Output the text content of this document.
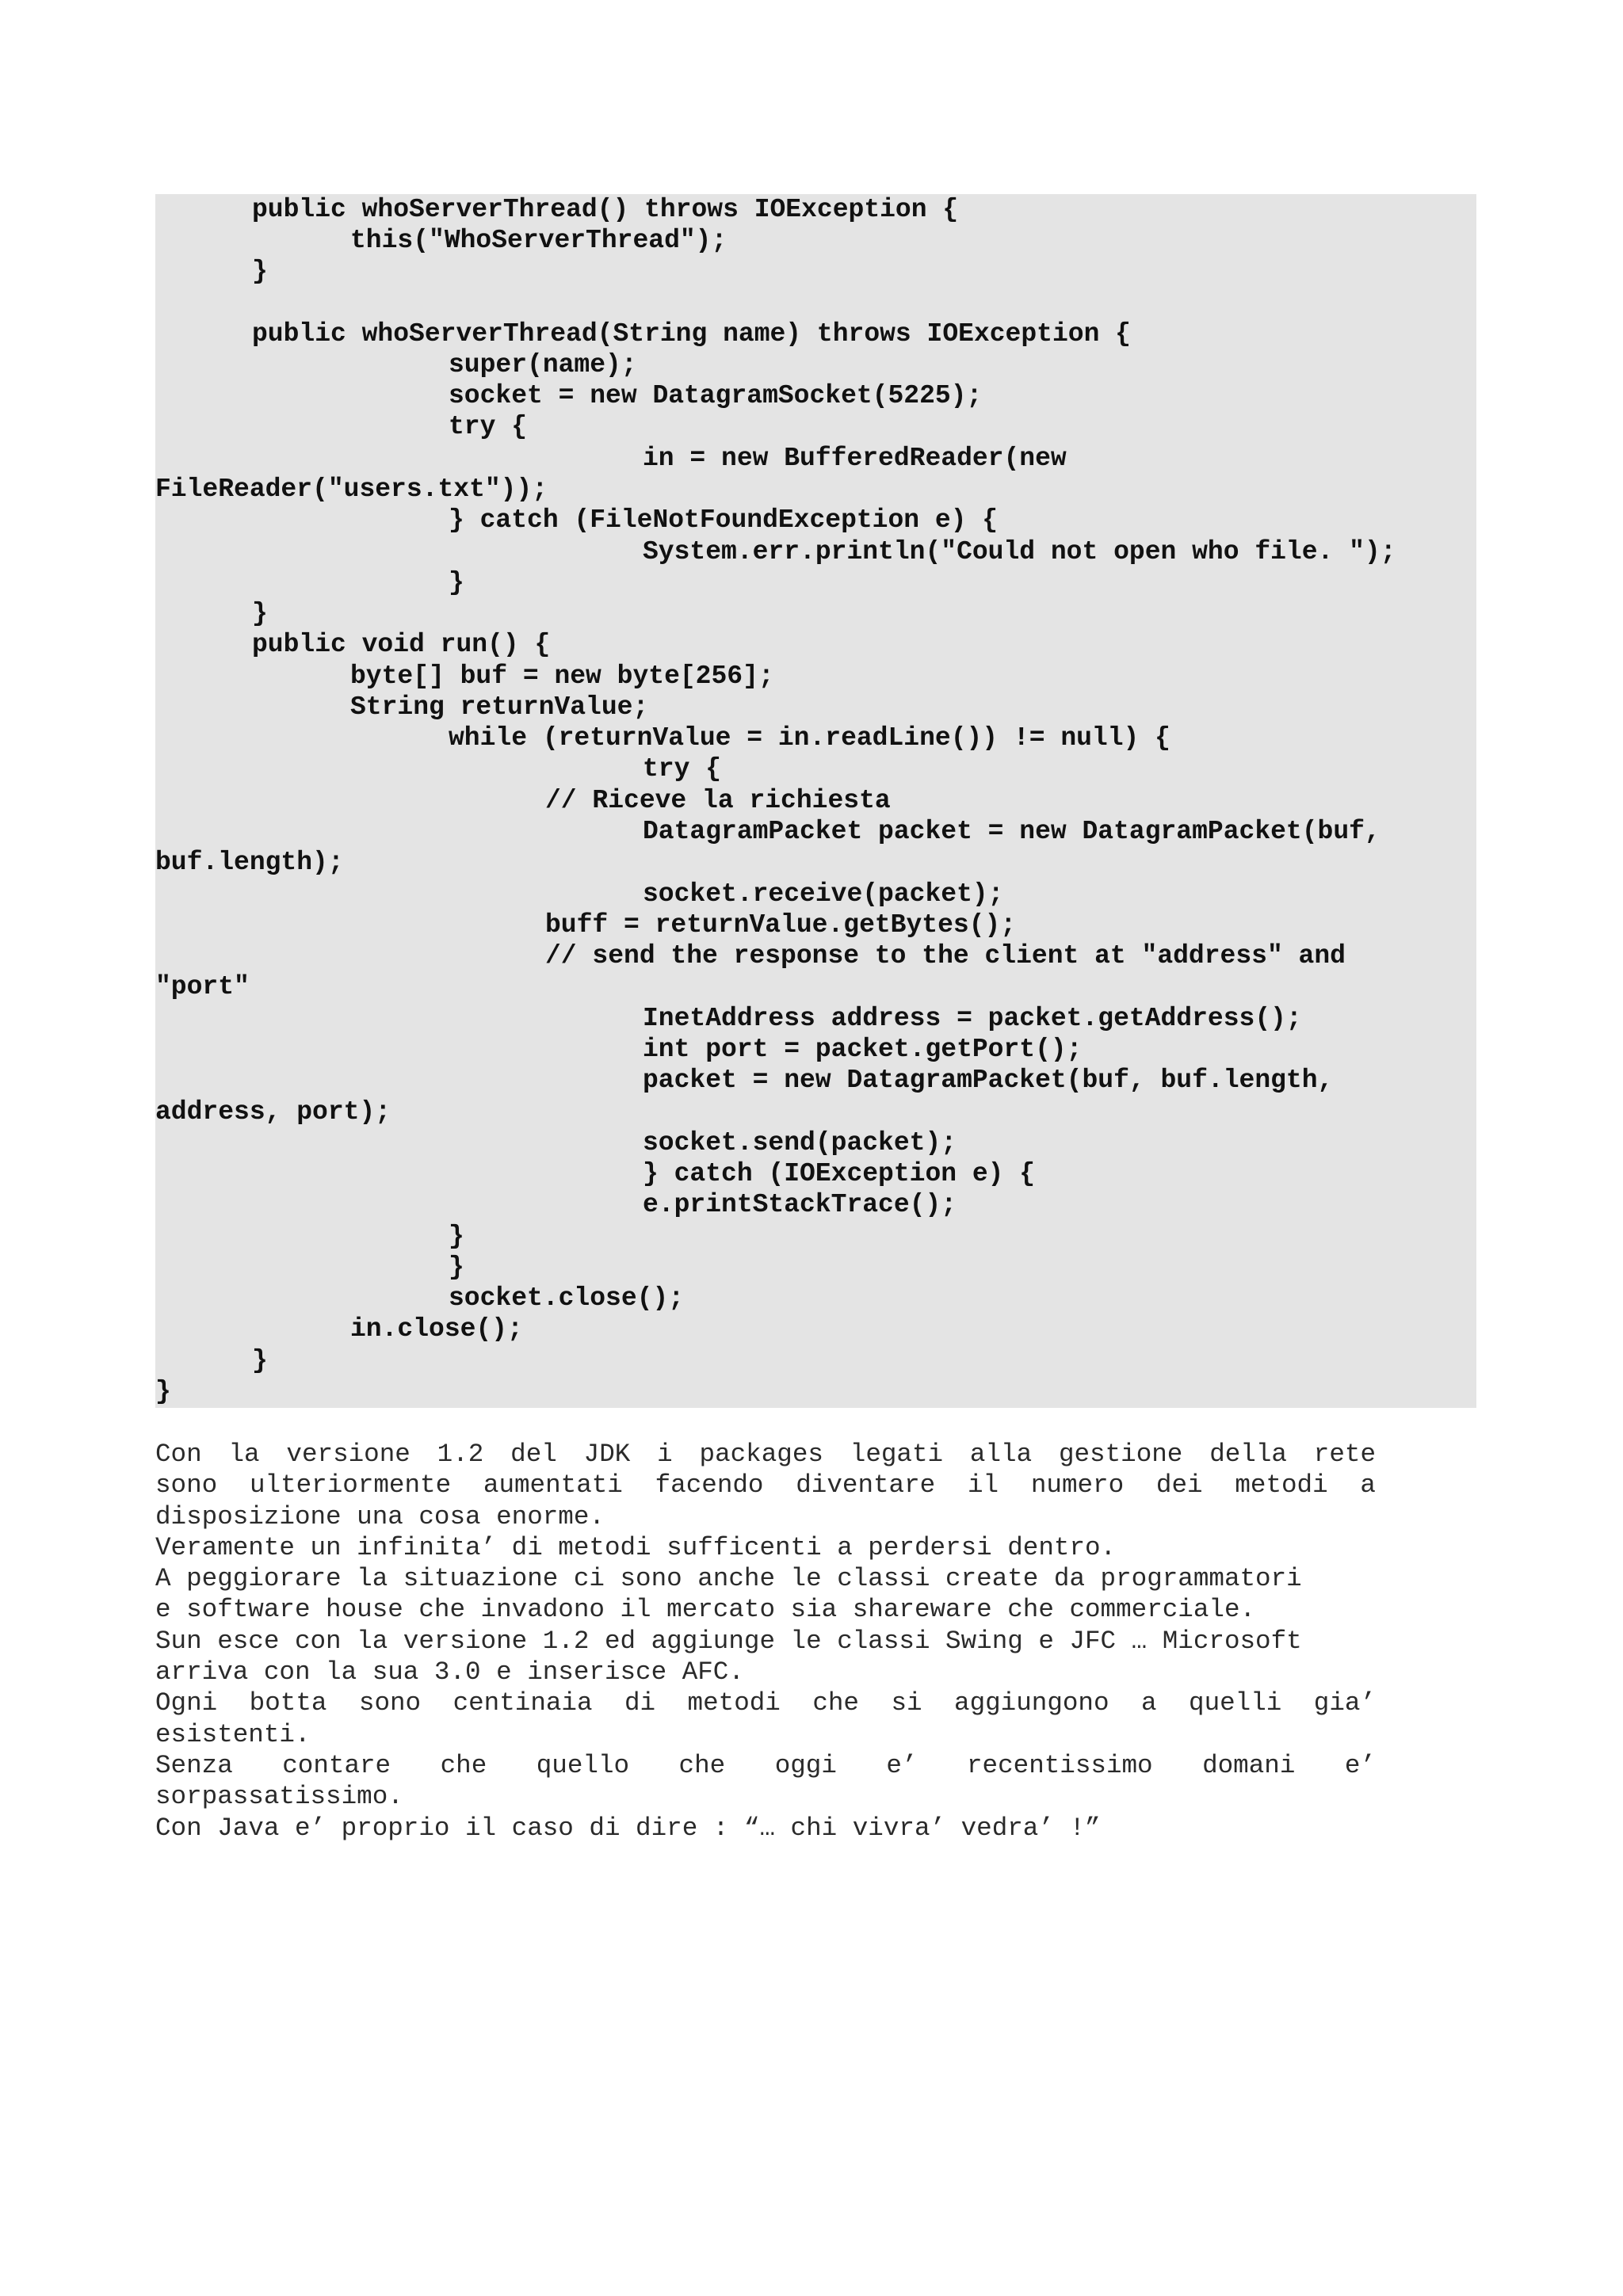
public whoServerThread() throws IOException {
this("WhoServerThread");
}
public whoServerThread(String name) throws IOException {
super(name);
socket = new DatagramSocket(5225);
try {
in = new BufferedReader(new
FileReader("users.txt"));
} catch (FileNotFoundException e) {
System.err.println("Could not open who file. ");
}
}
public void run() {
byte[] buf = new byte[256];
String returnValue;
while (returnValue = in.readLine()) != null) {
try {
// Riceve la richiesta
DatagramPacket packet = new DatagramPacket(buf,
buf.length);
socket.receive(packet);
buff = returnValue.getBytes();
// send the response to the client at "address" and
"port"
InetAddress address = packet.getAddress();
int port = packet.getPort();
packet = new DatagramPacket(buf, buf.length,
address, port);
socket.send(packet);
} catch (IOException e) {
e.printStackTrace();
}
}
socket.close();
in.close();
}
}
Con la versione 1.2 del JDK i packages legati alla gestione della rete
sono ulteriormente aumentati facendo diventare il numero dei metodi a
disposizione una cosa enorme.
Veramente un infinita’ di metodi sufficenti a perdersi dentro.
A peggiorare la situazione ci sono anche le classi create da programmatori
e software house che invadono il mercato sia shareware che commerciale.
Sun esce con la versione 1.2 ed aggiunge le classi Swing e JFC … Microsoft
arriva con la sua 3.0 e inserisce AFC.
Ogni botta sono centinaia di metodi che si aggiungono a quelli gia’
esistenti.
Senza contare che quello che oggi e’ recentissimo domani e’
sorpassatissimo.
Con Java e’ proprio il caso di dire : “… chi vivra’ vedra’ !”
